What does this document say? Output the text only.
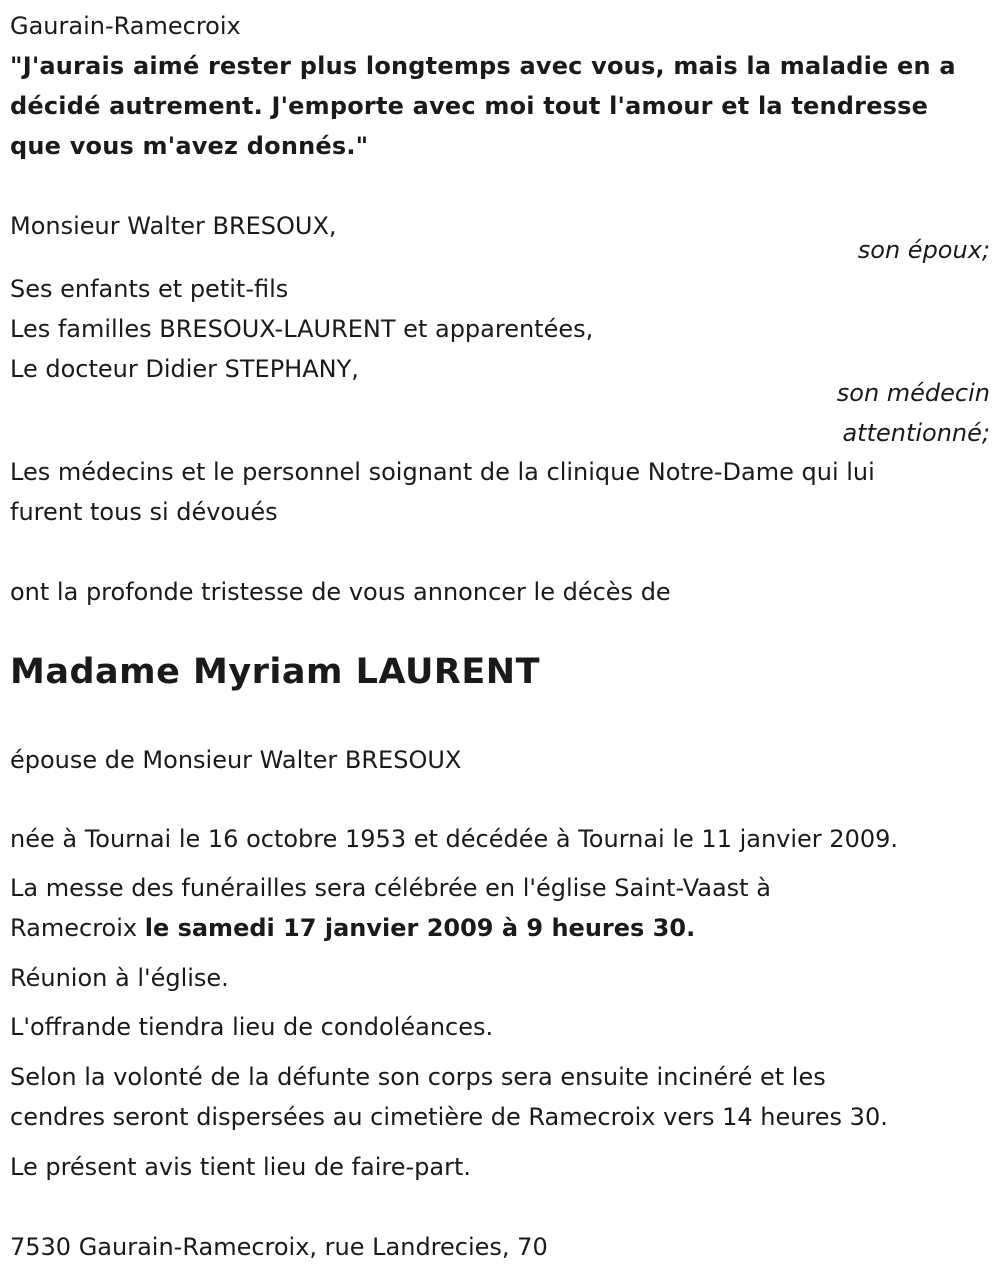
Gaurain-Ramecroix
"J'aurais aimé rester plus longtemps avec vous, mais la maladie en a
décidé autrement. J'emporte avec moi tout l'amour et la tendresse
que vous m'avez donnés."
Monsieur Walter BRESOUX,
son époux;
Ses enfants et petit-fils
Les familles BRESOUX-LAURENT et apparentées,
Le docteur Didier STEPHANY,
son médecin
attentionné;
Les médecins et le personnel soignant de la clinique Notre-Dame qui lui
furent tous si dévoués
ont la profonde tristesse de vous annoncer le décès de
Madame Myriam LAURENT
épouse de Monsieur Walter BRESOUX
née à Tournai le 16 octobre 1953 et décédée à Tournai le 11 janvier 2009.
La messe des funérailles sera célébrée en l'église Saint-Vaast à
Ramecroix le samedi 17 janvier 2009 à 9 heures 30.
Réunion à l'église.
L'offrande tiendra lieu de condoléances.
Selon la volonté de la défunte son corps sera ensuite incinéré et les
cendres seront dispersées au cimetière de Ramecroix vers 14 heures 30.
Le présent avis tient lieu de faire-part.
7530 Gaurain-Ramecroix, rue Landrecies, 70
